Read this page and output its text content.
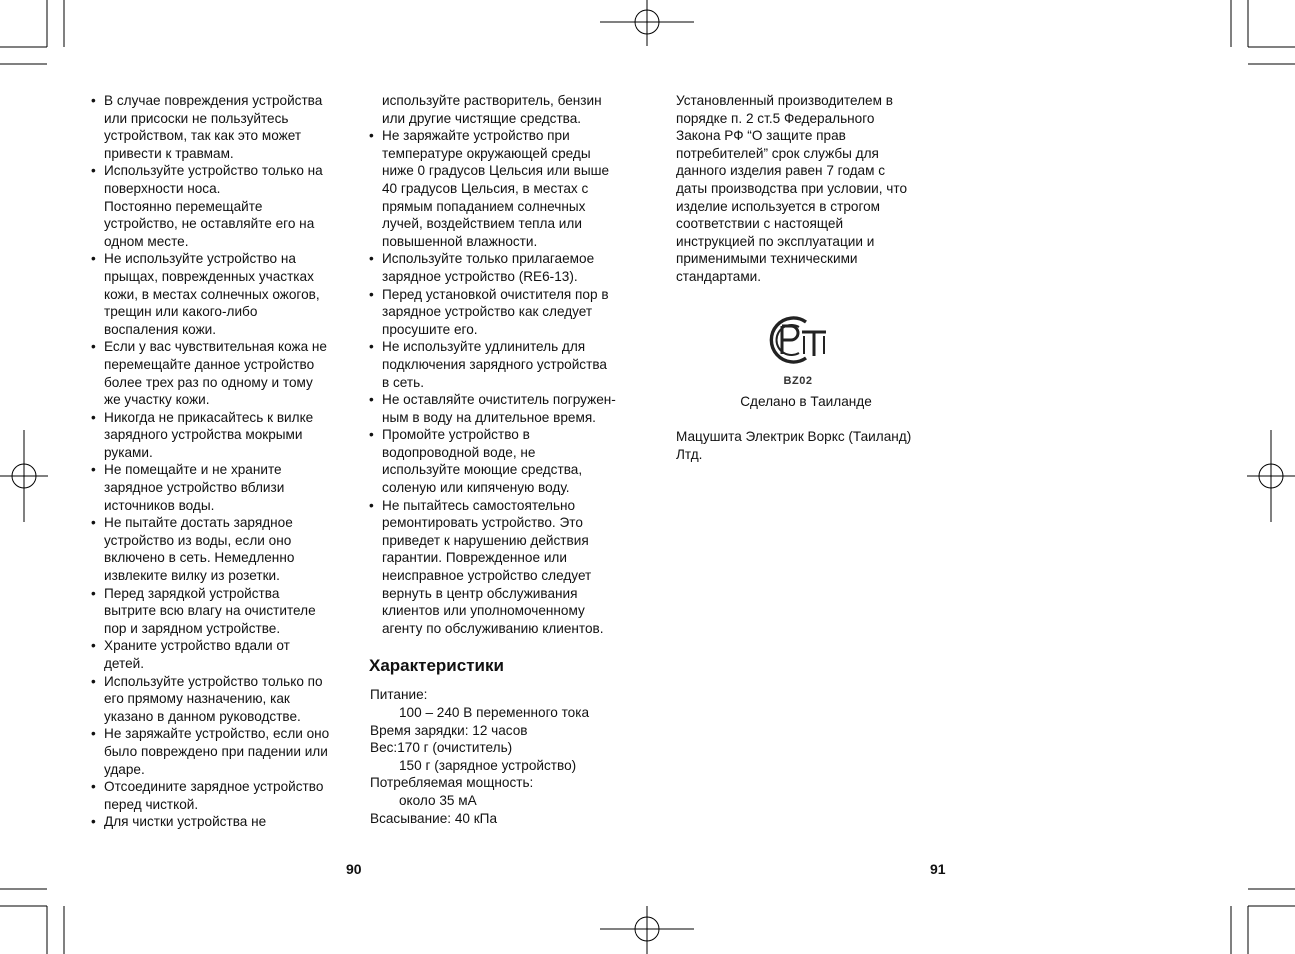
• В случае повреждения устройства
или присоски не пользуйтесь
устройством, так как это может
привести к травмам.
• Используйте устройство только на
поверхности носа.
Постоянно перемещайте
устройство, не оставляйте его на
одном месте.
• Не используйте устройство на
прыщах, поврежденных участках
кожи, в местах солнечных ожогов,
трещин или какого-либо
воспаления кожи.
• Если у вас чувствительная кожа не
перемещайте данное устройство
более трех раз по одному и тому
же участку кожи.
• Никогда не прикасайтесь к вилке
зарядного устройства мокрыми
руками.
• Не помещайте и не храните
зарядное устройство вблизи
источников воды.
• Не пытайте достать зарядное
устройство из воды, если оно
включено в сеть. Немедленно
извлеките вилку из розетки.
• Перед зарядкой устройства
вытрите всю влагу на очистителе
пор и зарядном устройстве.
• Храните устройство вдали от
детей.
• Используйте устройство только по
его прямому назначению, как
указано в данном руководстве.
• Не заряжайте устройство, если оно
было повреждено при падении или
ударе.
• Отсоедините зарядное устройство
перед чисткой.
• Для чистки устройства не
используйте растворитель, бензин
или другие чистящие средства.
• Не заряжайте устройство при
температуре окружающей среды
ниже 0 градусов Цельсия или выше
40 градусов Цельсия, в местах с
прямым попаданием солнечных
лучей, воздействием тепла или
повышенной влажности.
• Используйте только прилагаемое
зарядное устройство (RE6-13).
• Перед установкой очистителя пор в
зарядное устройство как следует
просушите его.
• Не используйте удлинитель для
подключения зарядного устройства
в сеть.
• Не оставляйте очиститель погружен-
ным в воду на длительное время.
• Промойте устройство в
водопроводной воде, не
используйте моющие средства,
соленую или кипяченую воду.
• Не пытайтесь самостоятельно
ремонтировать устройство. Это
приведет к нарушению действия
гарантии. Поврежденное или
неисправное устройство следует
вернуть в центр обслуживания
клиентов или уполномоченному
агенту по обслуживанию клиентов.
Характеристики
Питание:
100 – 240 В переменного тока
Время зарядки: 12 часов
Вес:170 г (очиститель)
150 г (зарядное устройство)
Потребляемая мощность:
около 35 мА
Всасывание: 40 кПа
Установленный производителем в
порядке п. 2 ст.5 Федерального
Закона РФ “О защите прав
потребителей” срок службы для
данного изделия равен 7 годам с
даты производства при условии, что
изделие используется в строгом
соответствии с настоящей
инструкцией по эксплуатации и
применимыми техническими
стандартами.
BZ02
Сделано в Таиланде
Мацушита Электрик Воркс (Таиланд)
Лтд.
90	91
